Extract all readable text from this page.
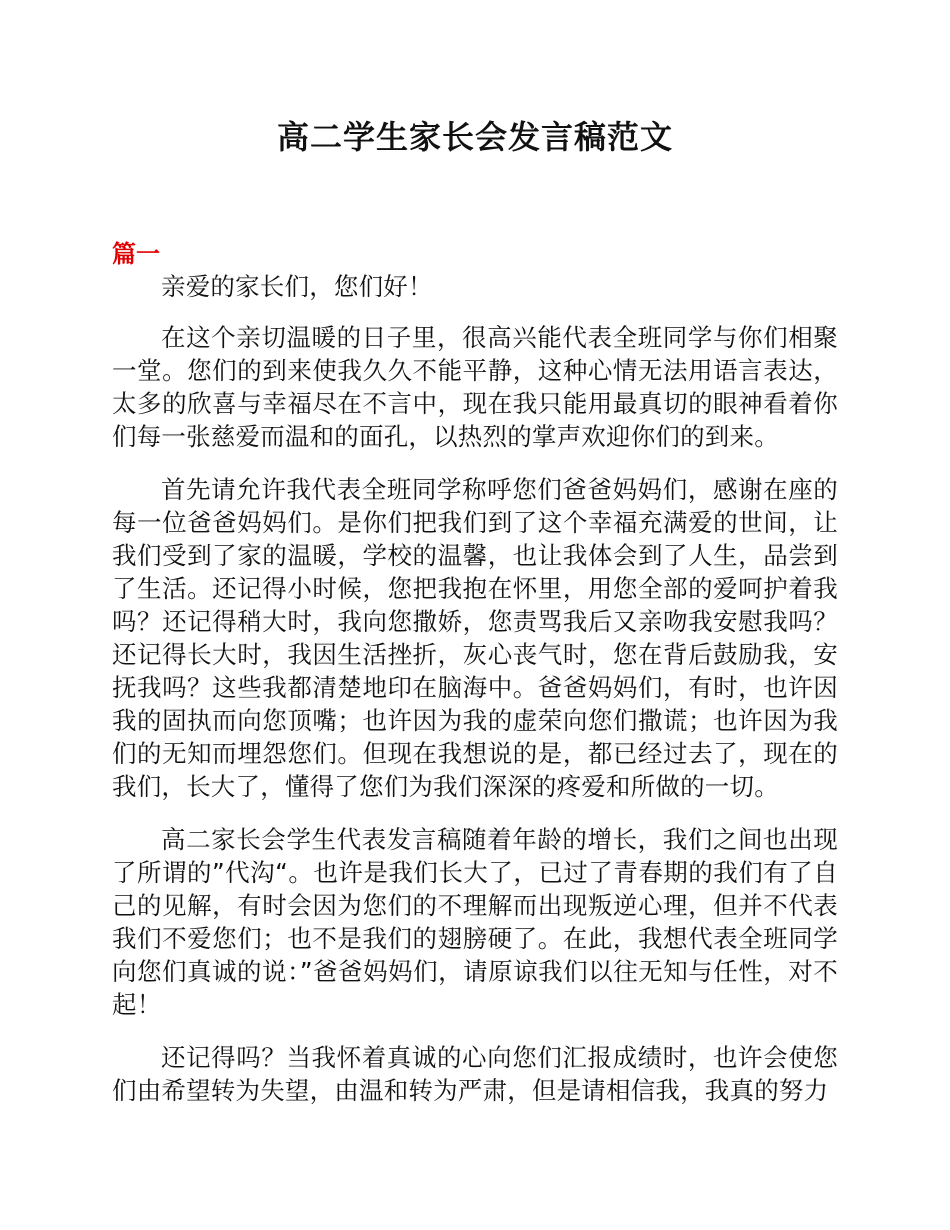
高二学生家长会发言稿范文
篇一

亲爱的家长们，您们好！

在这个亲切温暖的日子里，很高兴能代表全班同学与你们相聚一堂。您们的到来使我久久不能平静，这种心情无法用语言表达，太多的欣喜与幸福尽在不言中，现在我只能用最真切的眼神看着你们每一张慈爱而温和的面孔，以热烈的掌声欢迎你们的到来。

首先请允许我代表全班同学称呼您们爸爸妈妈们，感谢在座的每一位爸爸妈妈们。是你们把我们到了这个幸福充满爱的世间，让我们受到了家的温暖，学校的温馨，也让我体会到了人生，品尝到了生活。还记得小时候，您把我抱在怀里，用您全部的爱呵护着我吗？还记得稍大时，我向您撒娇，您责骂我后又亲吻我安慰我吗？还记得长大时，我因生活挫折，灰心丧气时，您在背后鼓励我，安抚我吗？这些我都清楚地印在脑海中。爸爸妈妈们，有时，也许因我的固执而向您顶嘴；也许因为我的虚荣向您们撒谎；也许因为我们的无知而埋怨您们。但现在我想说的是，都已经过去了，现在的我们，长大了，懂得了您们为我们深深的疼爱和所做的一切。

高二家长会学生代表发言稿随着年龄的增长，我们之间也出现了所谓的”代沟“。也许是我们长大了，已过了青春期的我们有了自己的见解，有时会因为您们的不理解而出现叛逆心理，但并不代表我们不爱您们；也不是我们的翅膀硬了。在此，我想代表全班同学向您们真诚的说：”爸爸妈妈们，请原谅我们以往无知与任性，对不起！

还记得吗？当我怀着真诚的心向您们汇报成绩时，也许会使您们由希望转为失望，由温和转为严肃，但是请相信我，我真的努力
